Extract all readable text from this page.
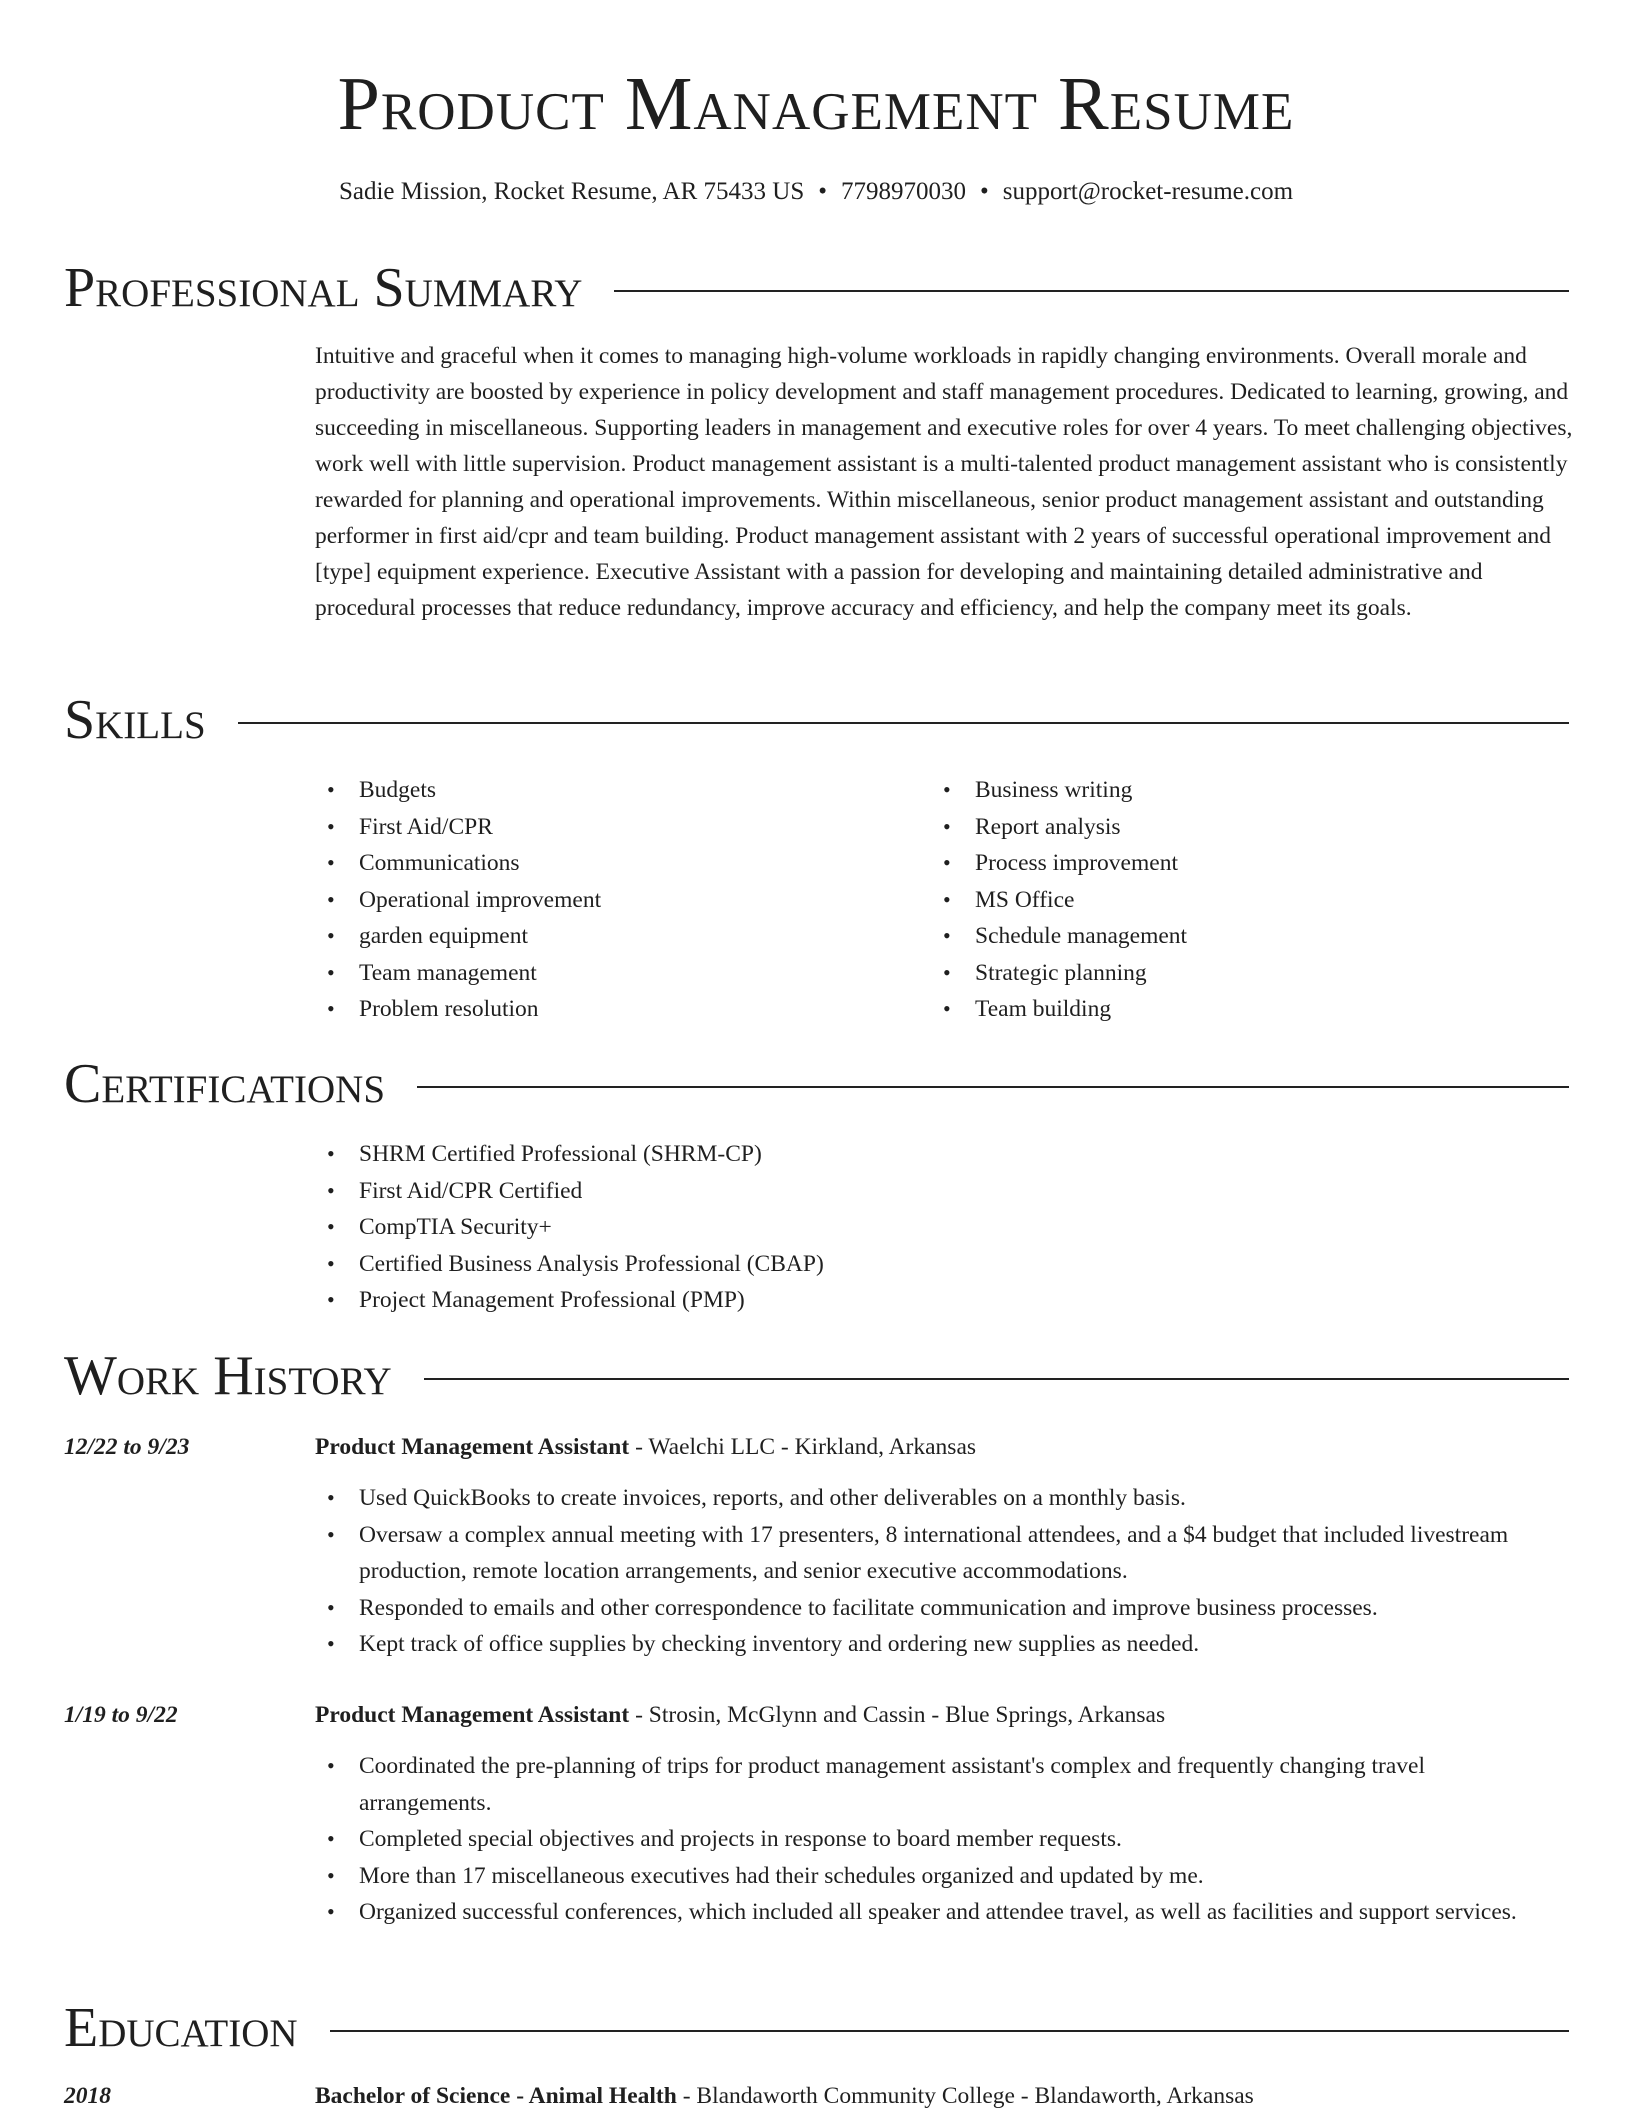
Product Management Resume
Sadie Mission, Rocket Resume, AR 75433 US • 7798970030 • support@rocket-resume.com
Professional Summary

Intuitive and graceful when it comes to managing high-volume workloads in rapidly changing environments. Overall morale and productivity are boosted by experience in policy development and staff management procedures. Dedicated to learning, growing, and succeeding in miscellaneous. Supporting leaders in management and executive roles for over 4 years. To meet challenging objectives, work well with little supervision. Product management assistant is a multi-talented product management assistant who is consistently rewarded for planning and operational improvements. Within miscellaneous, senior product management assistant and outstanding performer in first aid/cpr and team building. Product management assistant with 2 years of successful operational improvement and [type] equipment experience. Executive Assistant with a passion for developing and maintaining detailed administrative and procedural processes that reduce redundancy, improve accuracy and efficiency, and help the company meet its goals.

Skills
• Budgets
• First Aid/CPR
• Communications
• Operational improvement
• garden equipment
• Team management
• Problem resolution
• Business writing
• Report analysis
• Process improvement
• MS Office
• Schedule management
• Strategic planning
• Team building
Certifications
• SHRM Certified Professional (SHRM-CP)
• First Aid/CPR Certified
• CompTIA Security+
• Certified Business Analysis Professional (CBAP)
• Project Management Professional (PMP)
Work History
12/22 to 9/23	Product Management Assistant - Waelchi LLC - Kirkland, Arkansas
• Used QuickBooks to create invoices, reports, and other deliverables on a monthly basis.
• Oversaw a complex annual meeting with 17 presenters, 8 international attendees, and a $4 budget that included livestream production, remote location arrangements, and senior executive accommodations.
• Responded to emails and other correspondence to facilitate communication and improve business processes.
• Kept track of office supplies by checking inventory and ordering new supplies as needed.
1/19 to 9/22	Product Management Assistant - Strosin, McGlynn and Cassin - Blue Springs, Arkansas
• Coordinated the pre-planning of trips for product management assistant's complex and frequently changing travel arrangements.
• Completed special objectives and projects in response to board member requests.
• More than 17 miscellaneous executives had their schedules organized and updated by me.
• Organized successful conferences, which included all speaker and attendee travel, as well as facilities and support services.
Education
2018	Bachelor of Science - Animal Health - Blandaworth Community College - Blandaworth, Arkansas
